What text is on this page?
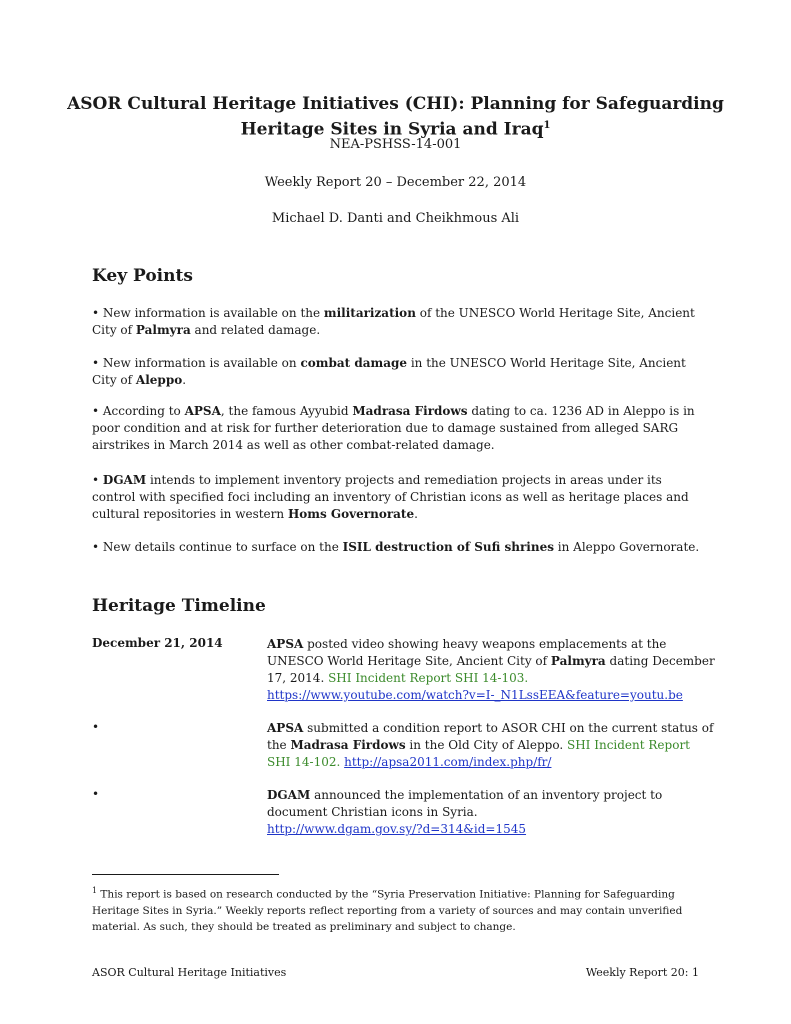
ASOR Cultural Heritage Initiatives (CHI): Planning for Safeguarding
Heritage Sites in Syria and Iraq$^1$
NEA-PSHSS-14-001
Weekly Report 20 – December 22, 2014
Michael D. Danti and Cheikhmous Ali
Key Points
• New information is available on the militarization of the UNESCO World Heritage Site, Ancient City of Palmyra and related damage.
• New information is available on combat damage in the UNESCO World Heritage Site, Ancient City of Aleppo.
• According to APSA, the famous Ayyubid Madrasa Firdows dating to ca. 1236 AD in Aleppo is in poor condition and at risk for further deterioration due to damage sustained from alleged SARG airstrikes in March 2014 as well as other combat-related damage.
• DGAM intends to implement inventory projects and remediation projects in areas under its control with specified foci including an inventory of Christian icons as well as heritage places and cultural repositories in western Homs Governorate.
• New details continue to surface on the ISIL destruction of Sufi shrines in Aleppo Governorate.
Heritage Timeline
December 21, 2014	APSA posted video showing heavy weapons emplacements at the UNESCO World Heritage Site, Ancient City of Palmyra dating December 17, 2014. SHI Incident Report SHI 14-103. https://www.youtube.com/watch?v=I-_N1LssEEA&feature=youtu.be
•	APSA submitted a condition report to ASOR CHI on the current status of the Madrasa Firdows in the Old City of Aleppo. SHI Incident Report SHI 14-102. http://apsa2011.com/index.php/fr/
•	DGAM announced the implementation of an inventory project to document Christian icons in Syria.
http://www.dgam.gov.sy/?d=314&id=1545
$^1$ This report is based on research conducted by the “Syria Preservation Initiative: Planning for Safeguarding Heritage Sites in Syria.” Weekly reports reflect reporting from a variety of sources and may contain unverified material. As such, they should be treated as preliminary and subject to change.
ASOR Cultural Heritage Initiatives	Weekly Report 20: 1
